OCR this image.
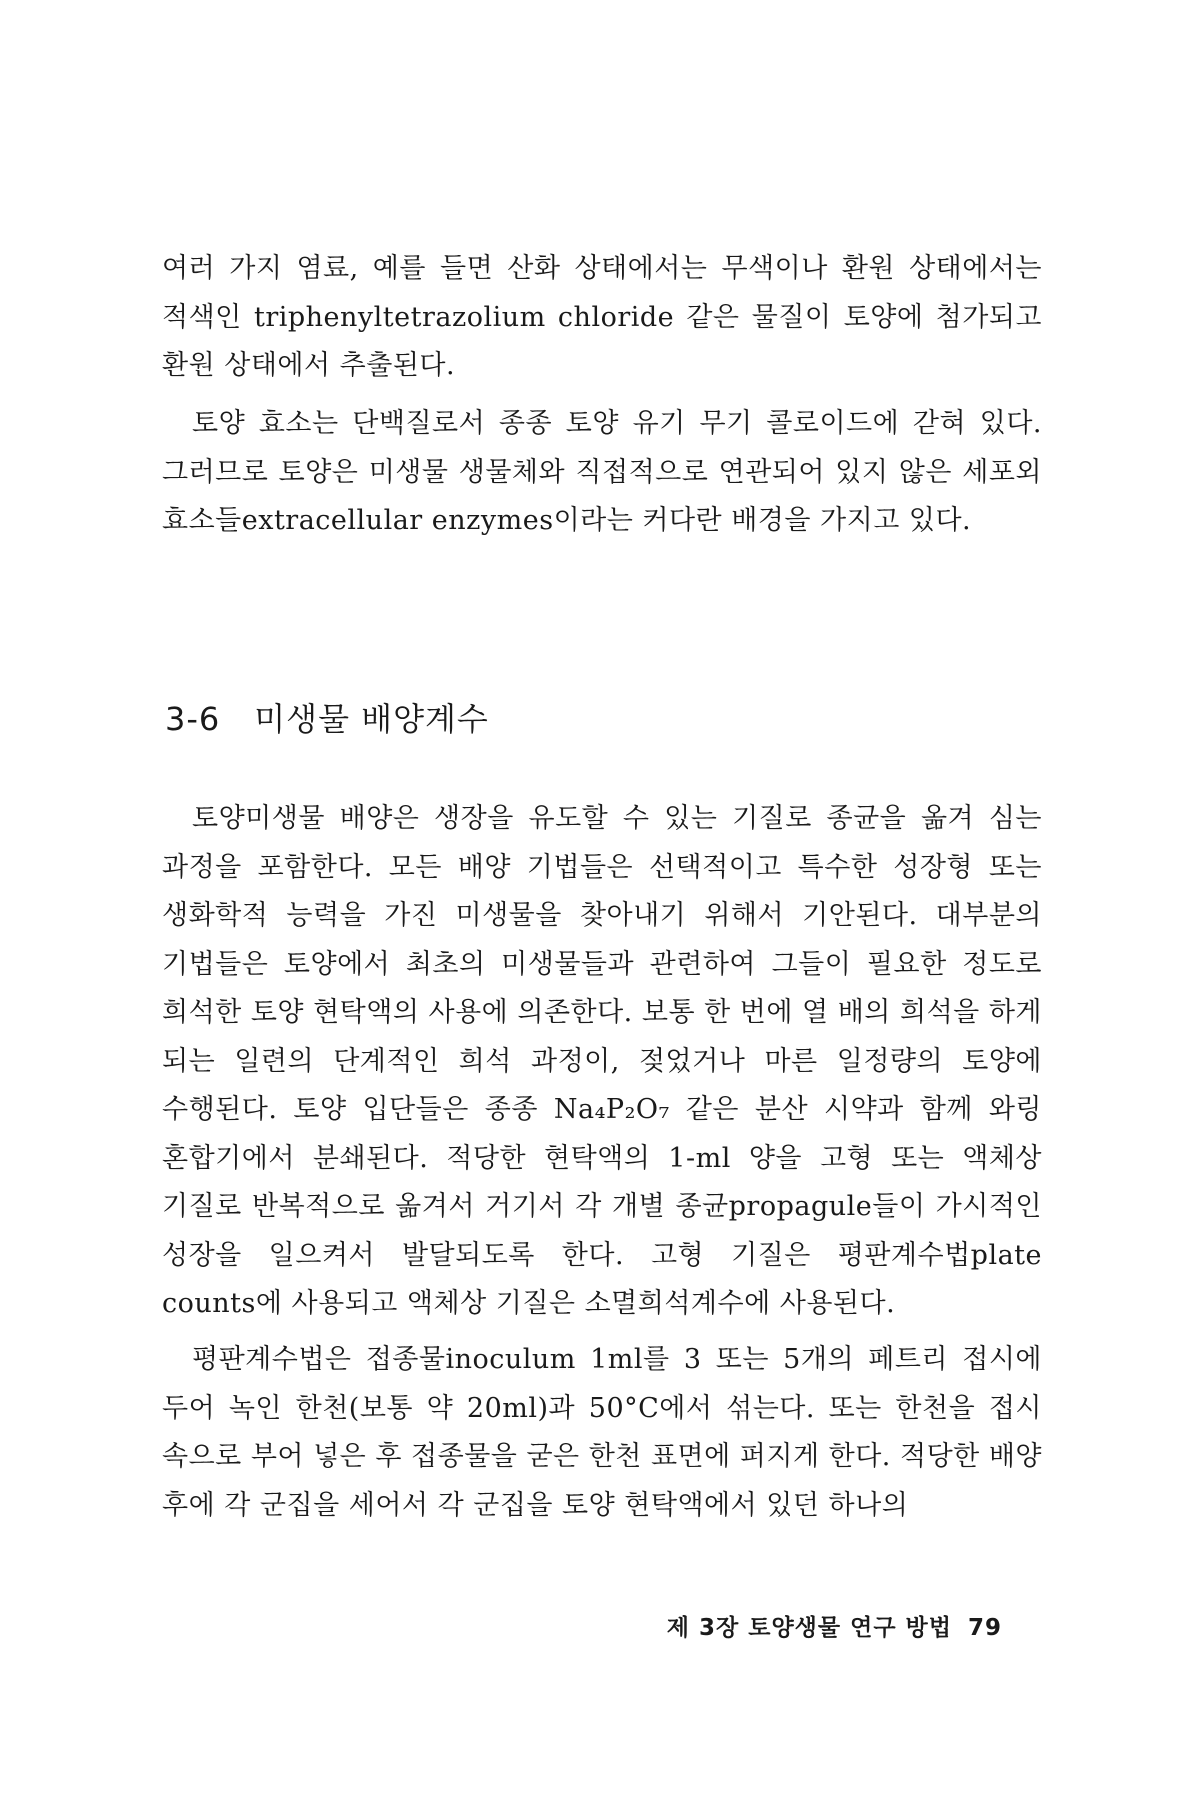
여러 가지 염료, 예를 들면 산화 상태에서는 무색이나 환원 상태에서는 적색인 triphenyltetrazolium chloride 같은 물질이 토양에 첨가되고 환원 상태에서 추출된다.

토양 효소는 단백질로서 종종 토양 유기 무기 콜로이드에 갇혀 있다. 그러므로 토양은 미생물 생물체와 직접적으로 연관되어 있지 않은 세포외 효소들extracellular enzymes이라는 커다란 배경을 가지고 있다.

3-6 미생물 배양계수

토양미생물 배양은 생장을 유도할 수 있는 기질로 종균을 옮겨 심는 과정을 포함한다. 모든 배양 기법들은 선택적이고 특수한 성장형 또는 생화학적 능력을 가진 미생물을 찾아내기 위해서 기안된다. 대부분의 기법들은 토양에서 최초의 미생물들과 관련하여 그들이 필요한 정도로 희석한 토양 현탁액의 사용에 의존한다. 보통 한 번에 열 배의 희석을 하게 되는 일련의 단계적인 희석 과정이, 젖었거나 마른 일정량의 토양에 수행된다. 토양 입단들은 종종 Na₄P₂O₇ 같은 분산 시약과 함께 와링 혼합기에서 분쇄된다. 적당한 현탁액의 1-ml 양을 고형 또는 액체상 기질로 반복적으로 옮겨서 거기서 각 개별 종균propagule들이 가시적인 성장을 일으켜서 발달되도록 한다. 고형 기질은 평판계수법plate counts에 사용되고 액체상 기질은 소멸희석계수에 사용된다.

평판계수법은 접종물inoculum 1ml를 3 또는 5개의 페트리 접시에 두어 녹인 한천(보통 약 20ml)과 50°C에서 섞는다. 또는 한천을 접시 속으로 부어 넣은 후 접종물을 굳은 한천 표면에 퍼지게 한다. 적당한 배양 후에 각 군집을 세어서 각 군집을 토양 현탁액에서 있던 하나의

제 3장 토양생물 연구 방법 79
